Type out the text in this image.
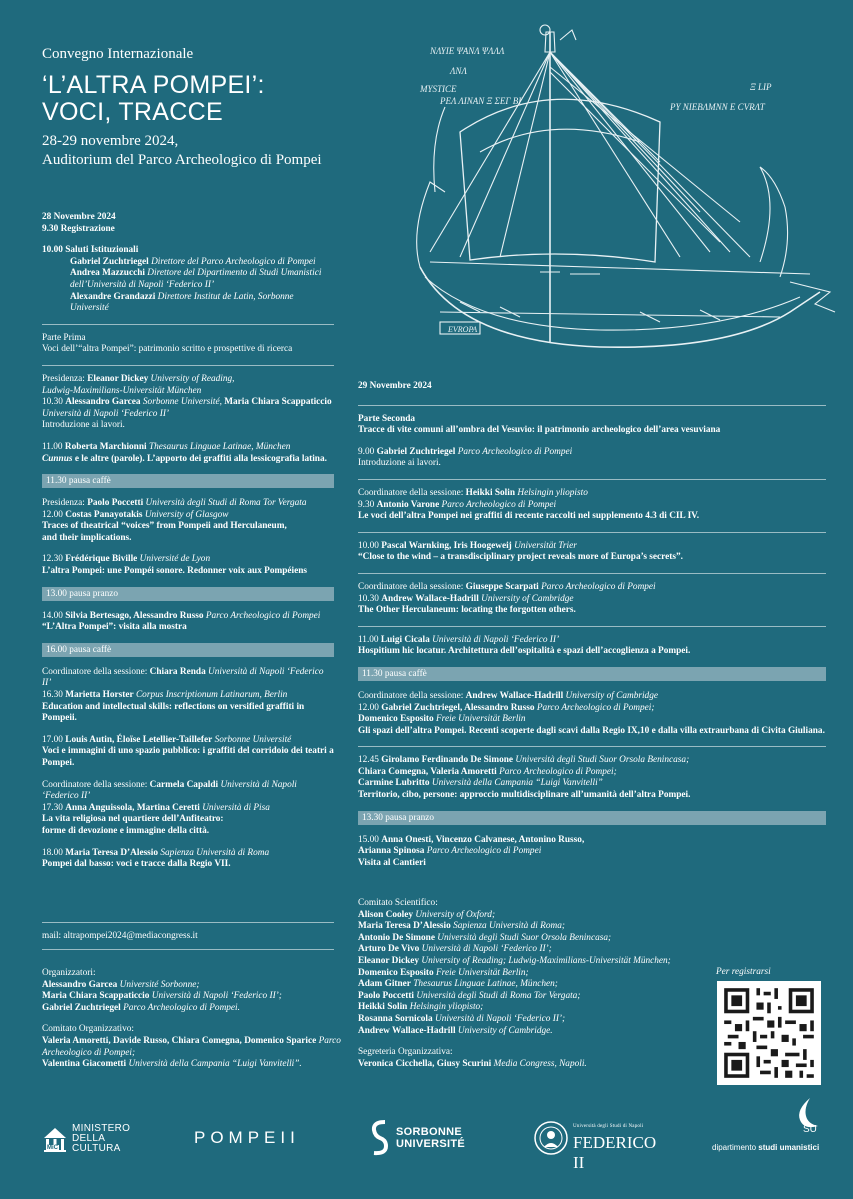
Convegno Internazionale
‘L’ALTRA POMPEI’:
VOCI, TRACCE
28-29 novembre 2024,
Auditorium del Parco Archeologico di Pompei
ΝΛΥΙΕ ΨΑΝΛ ΨΛΛΛ
ΛΝΛ
MYSTICE
ΡΕΛ ΛΙΝΑΝ Ξ ΣΕΓ ΒΙ
Ξ LIP
ΡΥ ΝΙΕΒΛΜΝΝ Ε CVRΛΤ
EVROPA

28 Novembre 2024

9.30 Registrazione

10.00 Saluti Istituzionali

Gabriel Zuchtriegel Direttore del Parco Archeologico di Pompei

Andrea Mazzucchi Direttore del Dipartimento di Studi Umanistici

dell’Università di Napoli ‘Federico II’

Alexandre Grandazzi Direttore Institut de Latin, Sorbonne Université

Parte Prima

Voci dell’“altra Pompei”: patrimonio scritto e prospettive di ricerca

Presidenza: Eleanor Dickey University of Reading,

Ludwig-Maximilians-Universität München

10.30 Alessandro Garcea Sorbonne Université, Maria Chiara Scappaticcio

Università di Napoli ‘Federico II’

Introduzione ai lavori.

11.00 Roberta Marchionni Thesaurus Linguae Latinae, München

Cunnus e le altre (parole). L’apporto dei graffiti alla lessicografia latina.

11.30 pausa caffè

Presidenza: Paolo Poccetti Università degli Studi di Roma Tor Vergata

12.00 Costas Panayotakis University of Glasgow

Traces of theatrical “voices” from Pompeii and Herculaneum,

and their implications.

12.30 Frédérique Biville Université de Lyon

L’altra Pompei: une Pompéi sonore. Redonner voix aux Pompéiens

13.00 pausa pranzo

14.00 Silvia Bertesago, Alessandro Russo Parco Archeologico di Pompei

“L’Altra Pompei”: visita alla mostra

16.00 pausa caffè

Coordinatore della sessione: Chiara Renda Università di Napoli ‘Federico II’

16.30 Marietta Horster Corpus Inscriptionum Latinarum, Berlin

Education and intellectual skills: reflections on versified graffiti in Pompeii.

17.00 Louis Autin, Éloïse Letellier-Taillefer Sorbonne Université

Voci e immagini di uno spazio pubblico: i graffiti del corridoio dei teatri a Pompei.

Coordinatore della sessione: Carmela Capaldi Università di Napoli ‘Federico II’

17.30 Anna Anguissola, Martina Ceretti Università di Pisa

La vita religiosa nel quartiere dell’Anfiteatro:

forme di devozione e immagine della città.

18.00 Maria Teresa D’Alessio Sapienza Università di Roma

Pompei dal basso: voci e tracce dalla Regio VII.

mail: altrapompei2024@mediacongress.it

Organizzatori:

Alessandro Garcea Université Sorbonne;

Maria Chiara Scappaticcio Università di Napoli ‘Federico II’;

Gabriel Zuchtriegel Parco Archeologico di Pompei.

Comitato Organizzativo:

Valeria Amoretti, Davide Russo, Chiara Comegna, Domenico Sparice Parco

Archeologico di Pompei;

Valentina Giacometti Università della Campania “Luigi Vanvitelli”.

29 Novembre 2024

Parte Seconda

Tracce di vite comuni all’ombra del Vesuvio: il patrimonio archeologico dell’area vesuviana

9.00 Gabriel Zuchtriegel Parco Archeologico di Pompei

Introduzione ai lavori.

Coordinatore della sessione: Heikki Solin Helsingin yliopisto

9.30 Antonio Varone Parco Archeologico di Pompei

Le voci dell’altra Pompei nei graffiti di recente raccolti nel supplemento 4.3 di CIL IV.

10.00 Pascal Warnking, Iris Hoogeweij Universität Trier

“Close to the wind – a transdisciplinary project reveals more of Europa’s secrets”.

Coordinatore della sessione: Giuseppe Scarpati Parco Archeologico di Pompei

10.30 Andrew Wallace-Hadrill University of Cambridge

The Other Herculaneum: locating the forgotten others.

11.00 Luigi Cicala Università di Napoli ‘Federico II’

Hospitium hic locatur. Architettura dell’ospitalità e spazi dell’accoglienza a Pompei.

11.30 pausa caffè

Coordinatore della sessione: Andrew Wallace-Hadrill University of Cambridge

12.00 Gabriel Zuchtriegel, Alessandro Russo Parco Archeologico di Pompei;

Domenico Esposito Freie Universität Berlin

Gli spazi dell’altra Pompei. Recenti scoperte dagli scavi dalla Regio IX,10 e dalla villa extraurbana di Civita Giuliana.

12.45 Girolamo Ferdinando De Simone Università degli Studi Suor Orsola Benincasa;

Chiara Comegna, Valeria Amoretti Parco Archeologico di Pompei;

Carmine Lubritto Università della Campania “Luigi Vanvitelli”

Territorio, cibo, persone: approccio multidisciplinare all’umanità dell’altra Pompei.

13.30 pausa pranzo

15.00 Anna Onesti, Vincenzo Calvanese, Antonino Russo,

Arianna Spinosa Parco Archeologico di Pompei

Visita al Cantieri

Comitato Scientifico:

Alison Cooley University of Oxford;

Maria Teresa D’Alessio Sapienza Università di Roma;

Antonio De Simone Università degli Studi Suor Orsola Benincasa;

Arturo De Vivo Università di Napoli ‘Federico II’;

Eleanor Dickey University of Reading; Ludwig-Maximilians-Universität München;

Domenico Esposito Freie Universität Berlin;

Adam Gitner Thesaurus Linguae Latinae, München;

Paolo Poccetti Università degli Studi di Roma Tor Vergata;

Heikki Solin Helsingin yliopisto;

Rosanna Sornicola Università di Napoli ‘Federico II’;

Andrew Wallace-Hadrill University of Cambridge.

Segreteria Organizzativa:

Veronica Cicchella, Giusy Scurini Media Congress, Napoli.

Per registrarsi
MiC
MINISTERO
DELLA
CULTURA
POMPEII	SORBONNE
UNIVERSITÉ
Università degli Studi di Napoli
FEDERICO II
SU
dipartimento studi umanistici
